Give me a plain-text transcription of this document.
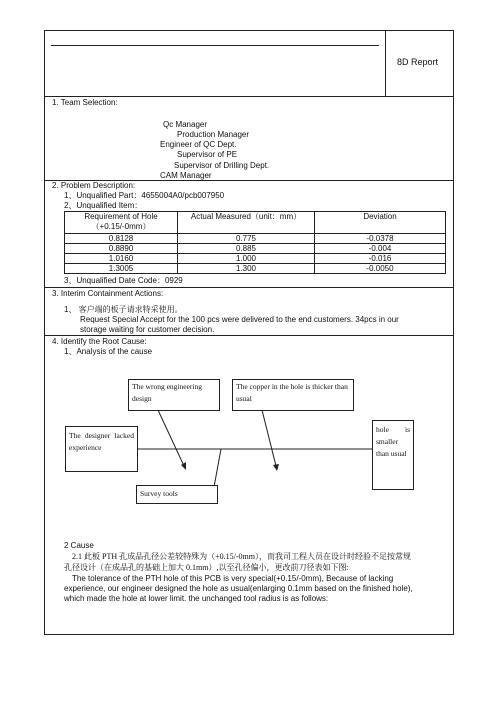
8D Report
1. Team Selection:
Qc Manager
Production Manager
Engineer of QC Dept.
Supervisor of PE
Supervisor of Drilling Dept.
CAM Manager
2. Problem Description:
1、Unqualified Part：4655004A0/pcb007950
2、Unqualified Item：
Requirement of Hole（+0.15/-0mm）	Actual Measured（unit：mm）	Deviation
0.8128	0.775	-0.0378
0.8890	0.885	-0.004
1.0160	1.000	-0.016
1.3005	1.300	-0.0050
3、Unqualified Date Code：0929
3. Interim Containment Actions:
1、 客户端的板子请求特采使用。
Request Special Accept for the 100 pcs were delivered to the end customers. 34pcs in our
storage waiting for customer decision.
4. Identify the Root Cause:
1、Analysis of the cause
The wrong engineering design
The copper in the hole is thicker than usual
The designer lacked experience
Survey tools
hole is smaller than usual
2 Cause
2.1 此板 PTH 孔成品孔径公差较特殊为（+0.15/-0mm），而我司工程人员在设计时经验不足按常规
孔径设计（在成品孔的基础上加大 0.1mm）,以至孔径偏小，更改前刀径表如下图:
The tolerance of the PTH hole of this PCB is very special(+0.15/-0mm), Because of lacking
experience, our engineer designed the hole as usual(enlarging 0.1mm based on the finished hole),
which made the hole at lower limit. the unchanged tool radius is as follows:
